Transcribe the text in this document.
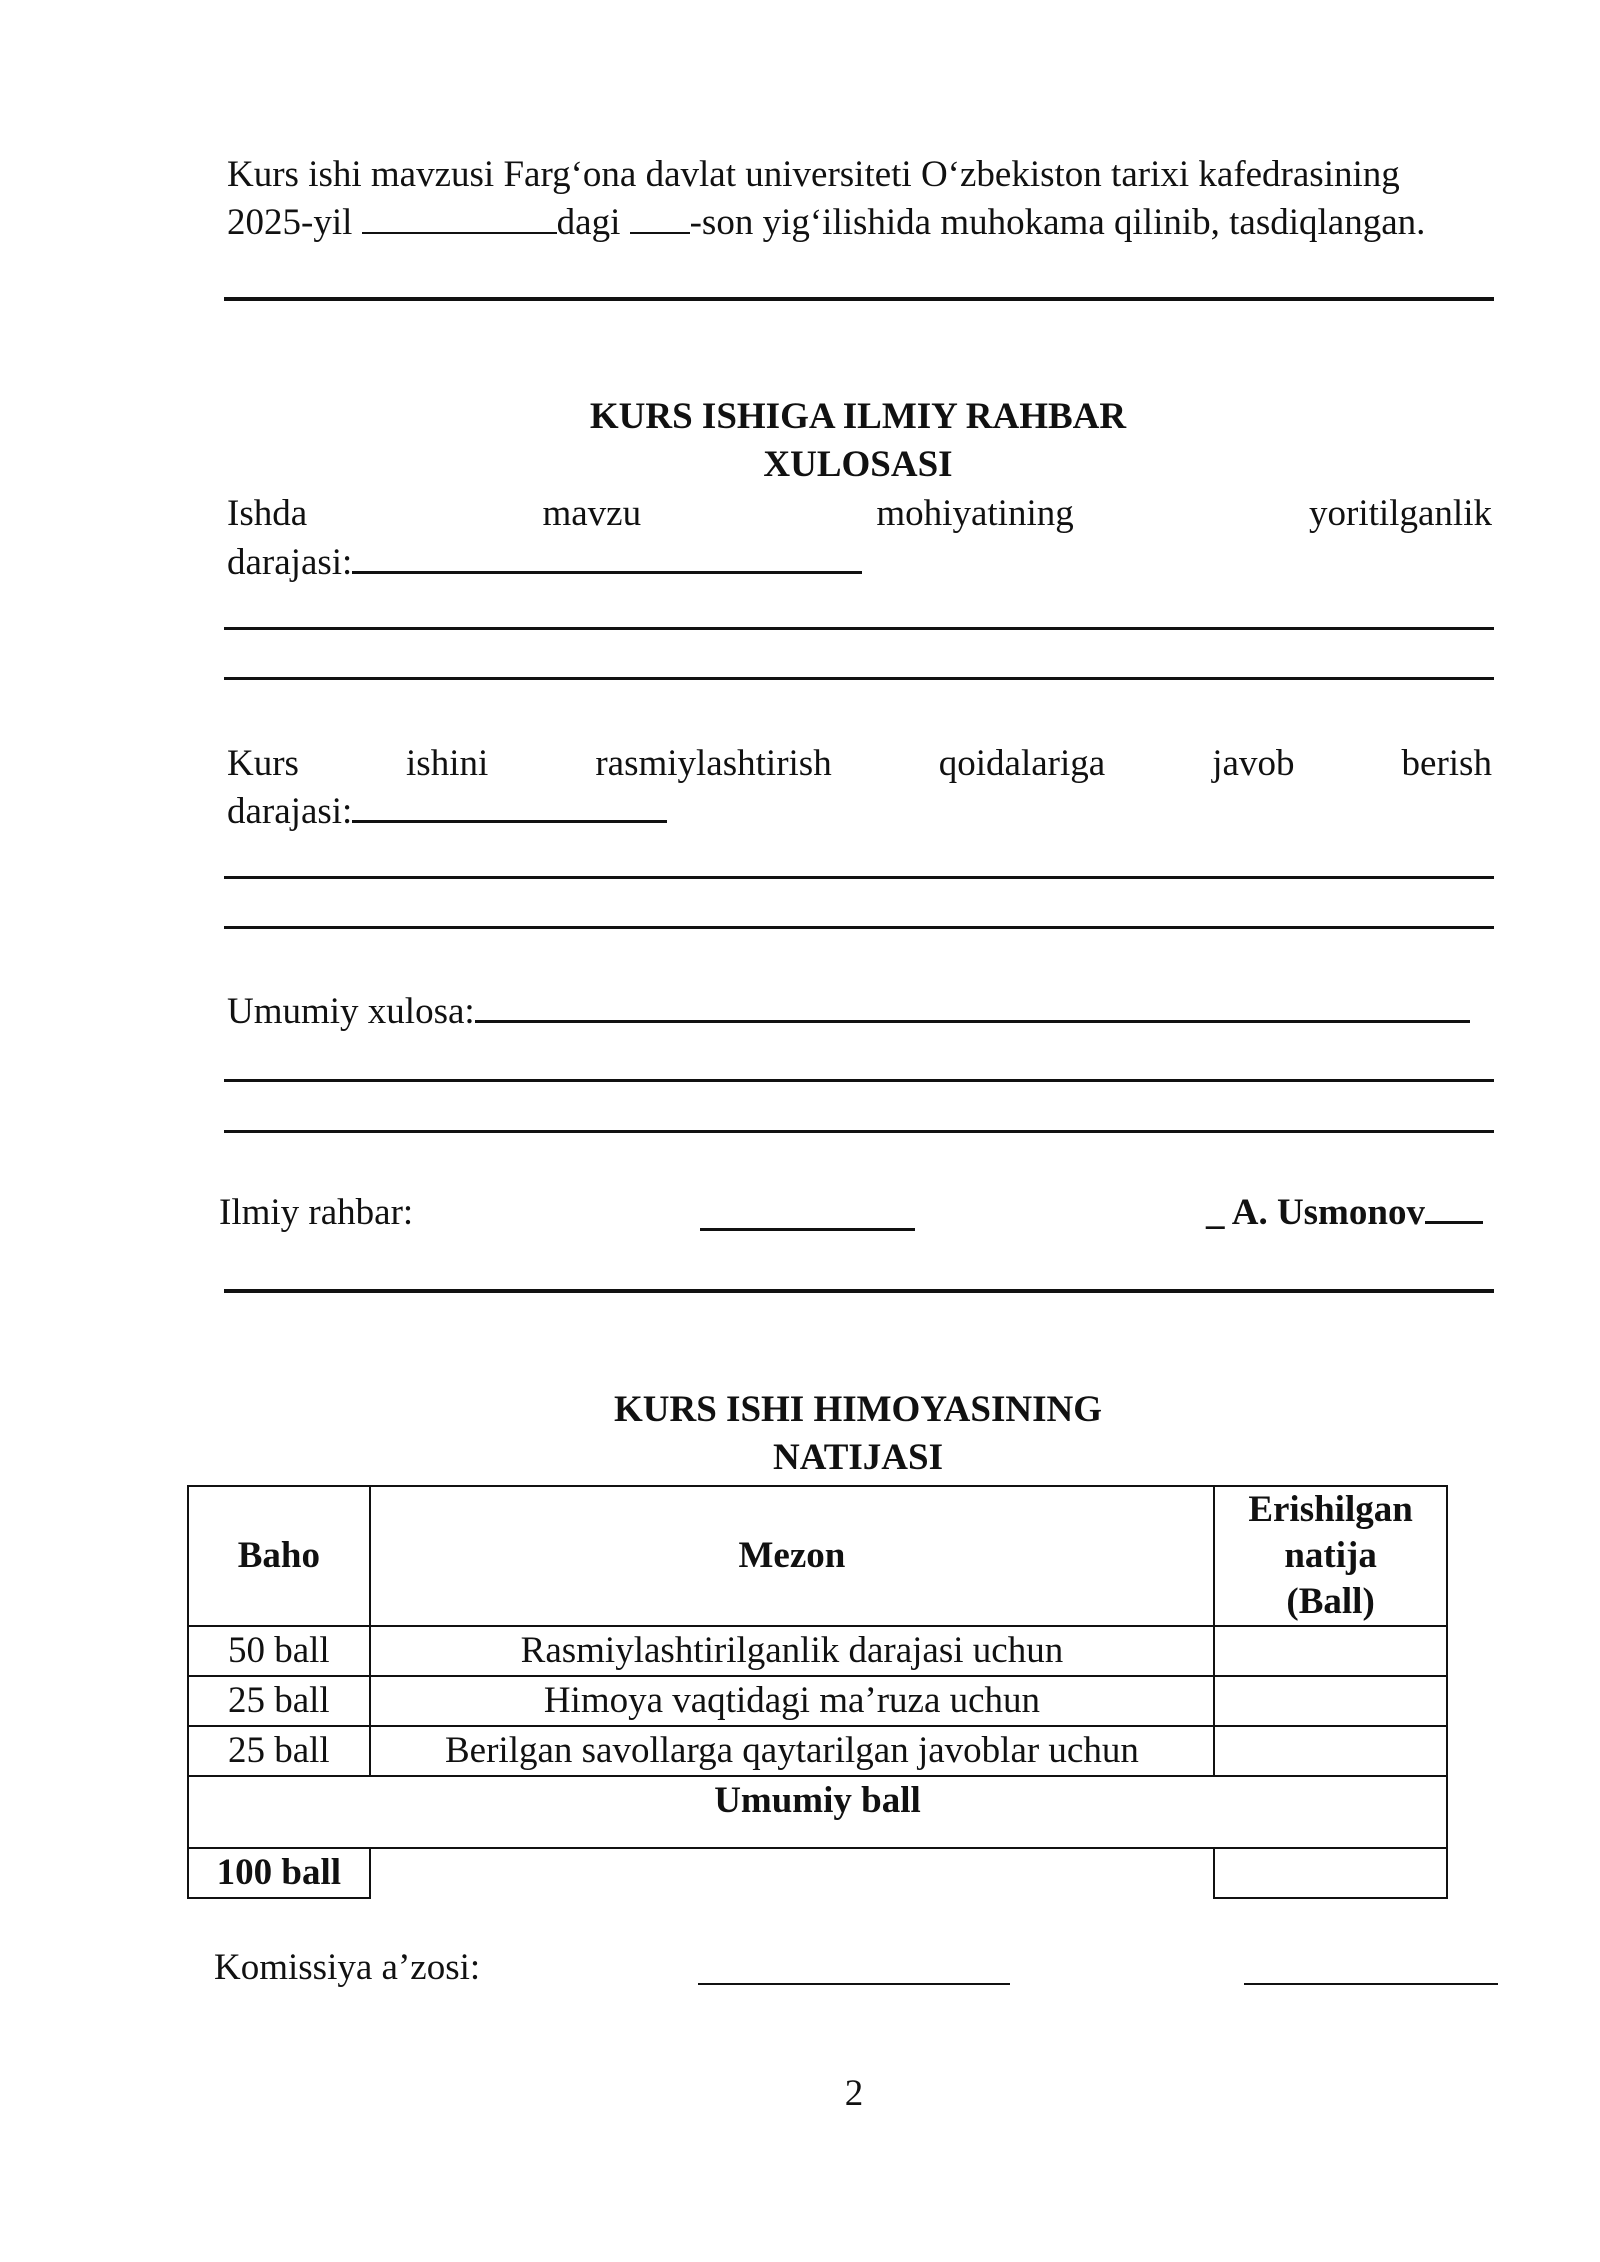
Kurs ishi mavzusi Farg‘ona davlat universiteti O‘zbekiston tarixi kafedrasining
2025-yil	dagi -son yig‘ilishida muhokama qilinib, tasdiqlangan.
KURS ISHIGA ILMIY RAHBAR
XULOSASI
Ishda	mavzu	mohiyatining	yoritilganlik
darajasi:
Kurs	ishini	rasmiylashtirish	qoidalariga	javob	berish
darajasi:
Umumiy xulosa:
Ilmiy rahbar:	_ A. Usmonov
KURS ISHI HIMOYASINING
NATIJASI
Baho	Mezon	Erishilgan
natija
(Ball)

50 ball	Rasmiylashtirilganlik darajasi uchun	
25 ball	Himoya vaqtidagi ma’ruza uchun	
25 ball	Berilgan savollarga qaytarilgan javoblar uchun	
Umumiy ball		
100 ball		
Komissiya a’zosi:
2
